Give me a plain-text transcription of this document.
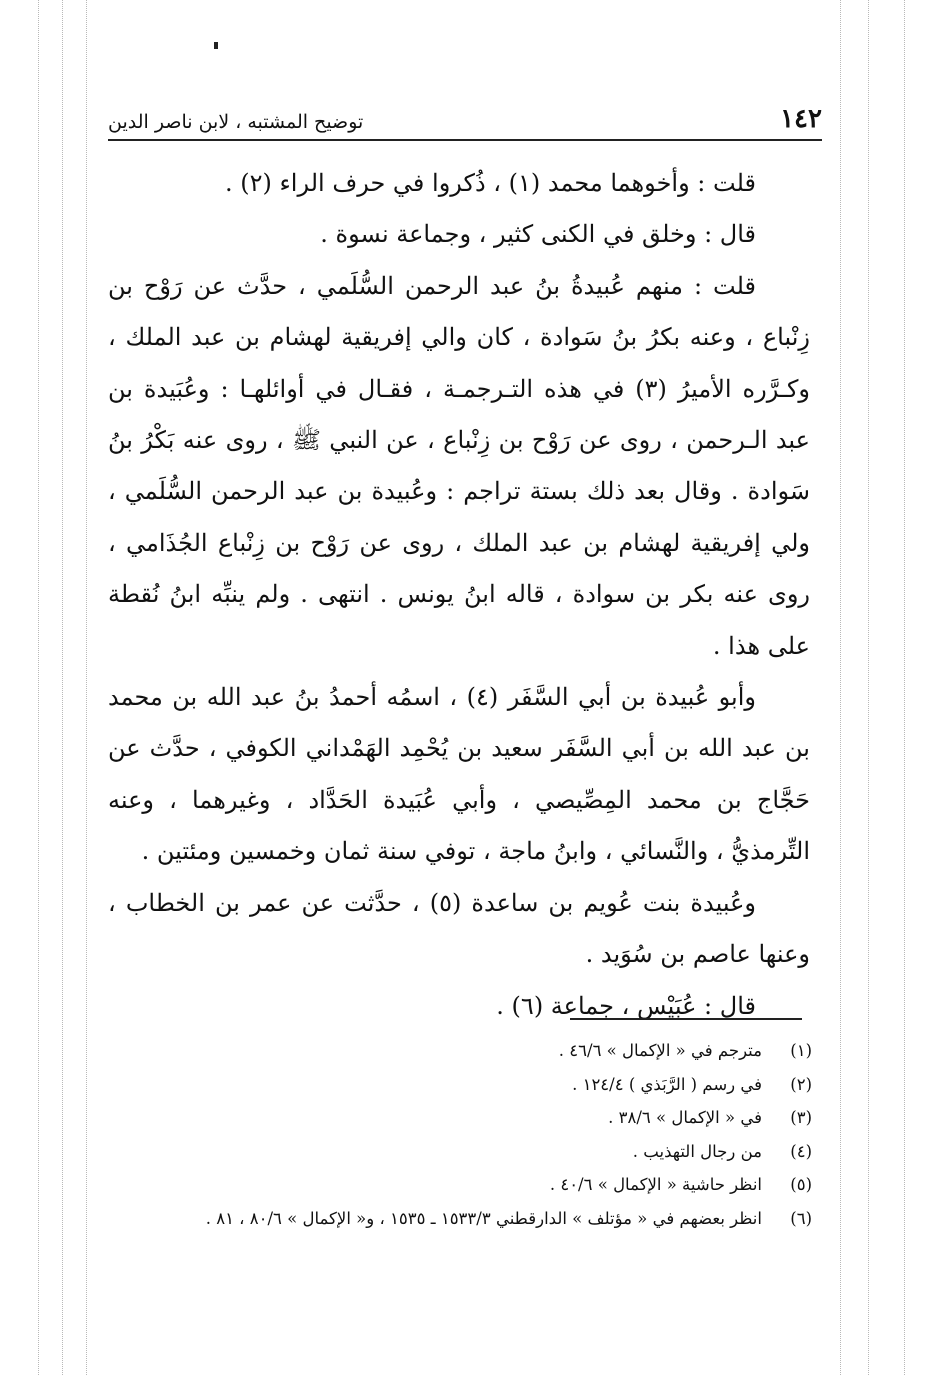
١٤٢
توضيح المشتبه ، لابن ناصر الدين

قلت : وأخوهما محمد (١) ، ذُكروا في حرف الراء (٢) .

قال : وخلق في الكنى كثير ، وجماعة نسوة .

قلت : منهم عُبيدةُ بنُ عبد الرحمن السُّلَمي ، حدَّث عن رَوْح بن زِنْباع ، وعنه بكرُ بنُ سَوادة ، كان والي إفريقية لهشام بن عبد الملك ، وكـرَّره الأميرُ (٣) في هذه التـرجمـة ، فقـال في أوائلهـا : وعُبَيدة بن عبد الـرحمن ، روى عن رَوْح بن زِنْباع ، عن النبي ﷺ ، روى عنه بَكْرُ بنُ سَوادة . وقال بعد ذلك بستة تراجم : وعُبيدة بن عبد الرحمن السُّلَمي ، ولي إفريقية لهشام بن عبد الملك ، روى عن رَوْح بن زِنْباع الجُذَامي ، روى عنه بكر بن سوادة ، قاله ابنُ يونس . انتهى . ولم ينبِّه ابنُ نُقطة على هذا .

وأبو عُبيدة بن أبي السَّفَر (٤) ، اسمُه أحمدُ بنُ عبد الله بن محمد بن عبد الله بن أبي السَّفَر سعيد بن يُحْمِد الهَمْداني الكوفي ، حدَّث عن حَجَّاج بن محمد المِصِّيصي ، وأبي عُبَيدة الحَدَّاد ، وغيرهما ، وعنه التِّرمذيُّ ، والنَّسائي ، وابنُ ماجة ، توفي سنة ثمان وخمسين ومئتين .

وعُبيدة بنت عُويم بن ساعدة (٥) ، حدَّثت عن عمر بن الخطاب ، وعنها عاصم بن سُوَيد .

قال : عُبَيْس ، جماعة (٦) .

(١)
مترجم في « الإكمال » ٤٦/٦ .
(٢)
في رسم ( الرَّبَذي ) ١٢٤/٤ .
(٣)
في « الإكمال » ٣٨/٦ .
(٤)
من رجال التهذيب .
(٥)
انظر حاشية « الإكمال » ٤٠/٦ .
(٦)
انظر بعضهم في « مؤتلف » الدارقطني ١٥٣٣/٣ ـ ١٥٣٥ ، و« الإكمال » ٨٠/٦ ، ٨١ .
